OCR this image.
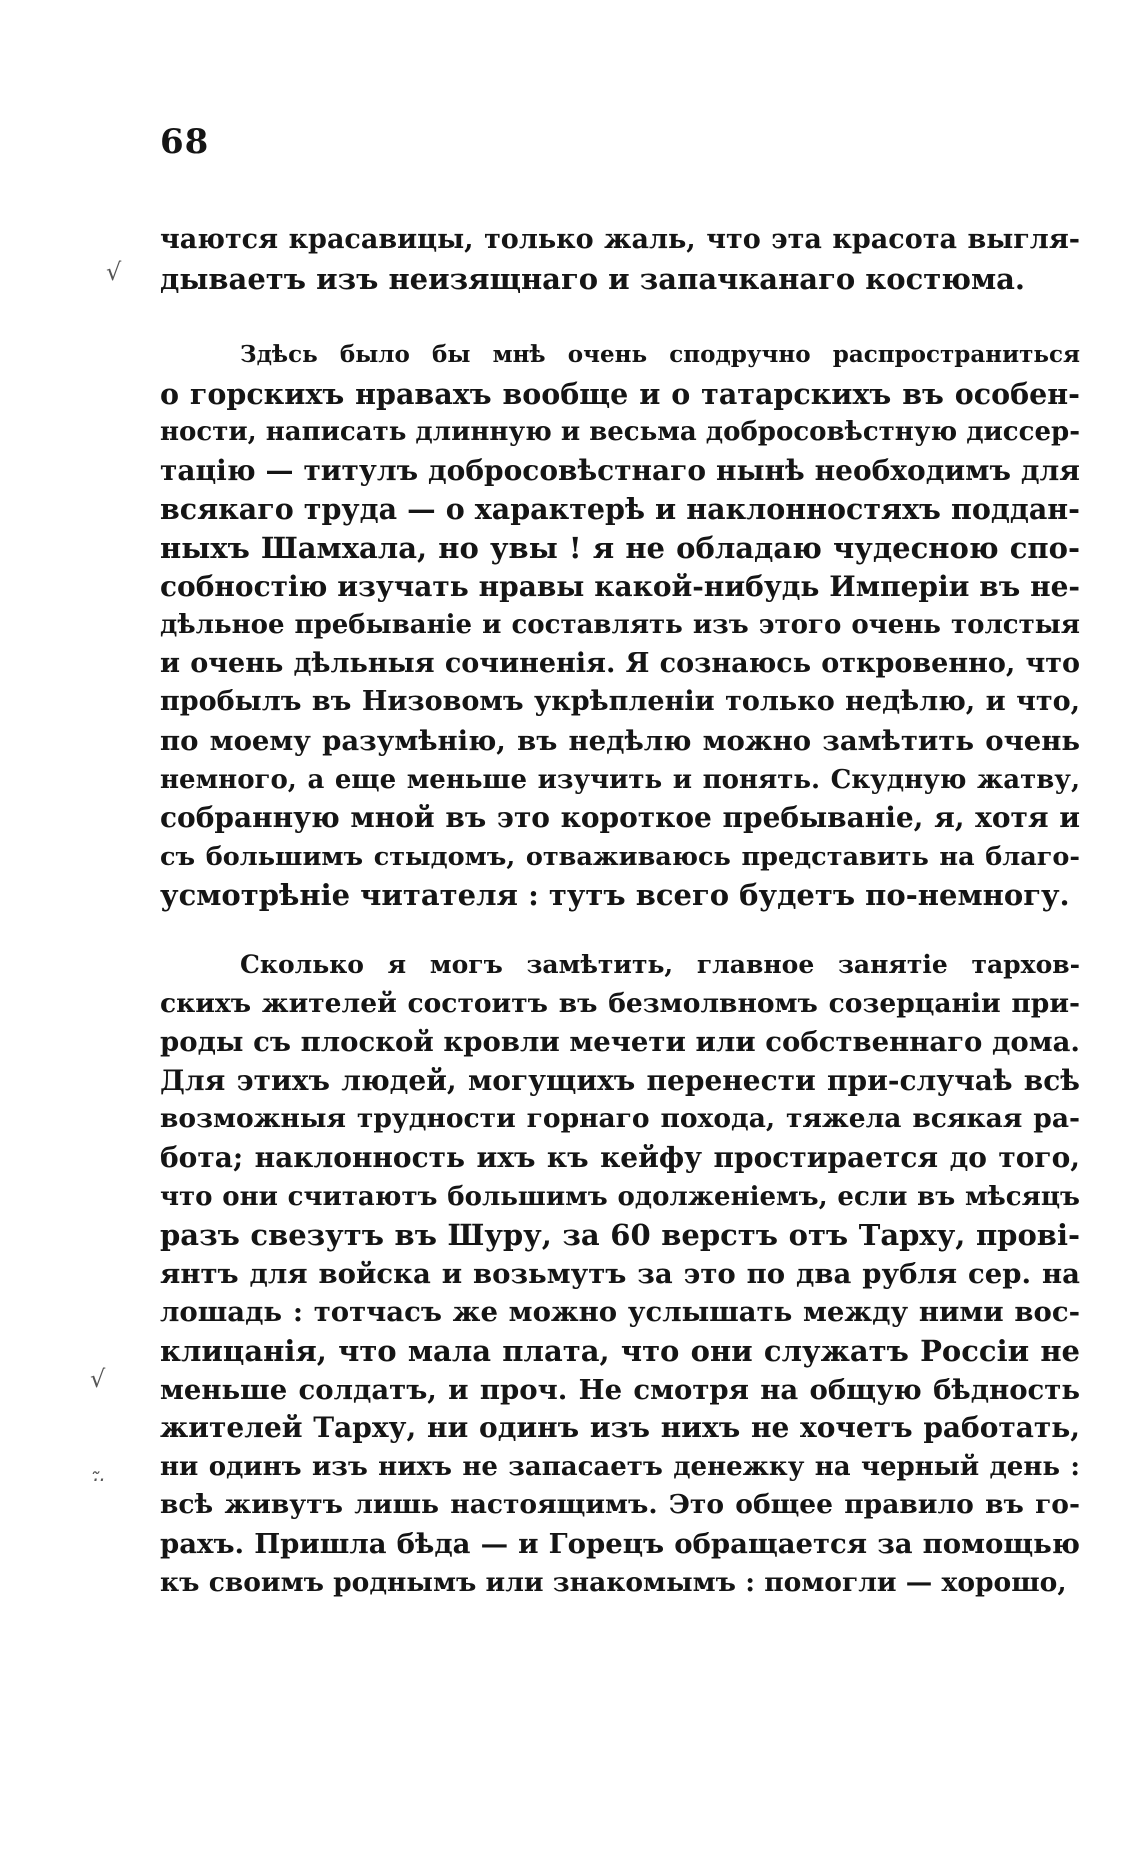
68
√
√
·͂·
чаются красавицы, только жаль, что эта красота выгля-
дываетъ изъ неизящнаго и запачканаго костюма.
Здѣсь было бы мнѣ очень сподручно распространиться
о горскихъ нравахъ вообще и о татарскихъ въ особен-
ности, написать длинную и весьма добросовѣстную диссер-
тацію — титулъ добросовѣстнаго нынѣ необходимъ для
всякаго труда — о характерѣ и наклонностяхъ поддан-
ныхъ Шамхала, но увы ! я не обладаю чудесною спо-
собностію изучать нравы какой-нибудь Имперіи въ не-
дѣльное пребываніе и составлять изъ этого очень толстыя
и очень дѣльныя сочиненія. Я сознаюсь откровенно, что
пробылъ въ Низовомъ укрѣпленіи только недѣлю, и что,
по моему разумѣнію, въ недѣлю можно замѣтить очень
немного, а еще меньше изучить и понять. Скудную жатву,
собранную мной въ это короткое пребываніе, я, хотя и
съ большимъ стыдомъ, отваживаюсь представить на благо-
усмотрѣніе читателя : тутъ всего будетъ по-немногу.
Сколько я могъ замѣтить, главное занятіе тархов-
скихъ жителей состоитъ въ безмолвномъ созерцаніи при-
роды съ плоской кровли мечети или собственнаго дома.
Для этихъ людей, могущихъ перенести при-случаѣ всѣ
возможныя трудности горнаго похода, тяжела всякая ра-
бота; наклонность ихъ къ кейфу простирается до того,
что они считаютъ большимъ одолженіемъ, если въ мѣсяцъ
разъ свезутъ въ Шуру, за 60 верстъ отъ Тарху, прові-
янтъ для войска и возьмутъ за это по два рубля сер. на
лошадь : тотчасъ же можно услышать между ними вос-
клицанія, что мала плата, что они служатъ Россіи не
меньше солдатъ, и проч. Не смотря на общую бѣдность
жителей Тарху, ни одинъ изъ нихъ не хочетъ работать,
ни одинъ изъ нихъ не запасаетъ денежку на черный день :
всѣ живутъ лишь настоящимъ. Это общее правило въ го-
рахъ. Пришла бѣда — и Горецъ обращается за помощью
къ своимъ роднымъ или знакомымъ : помогли — хорошо,
